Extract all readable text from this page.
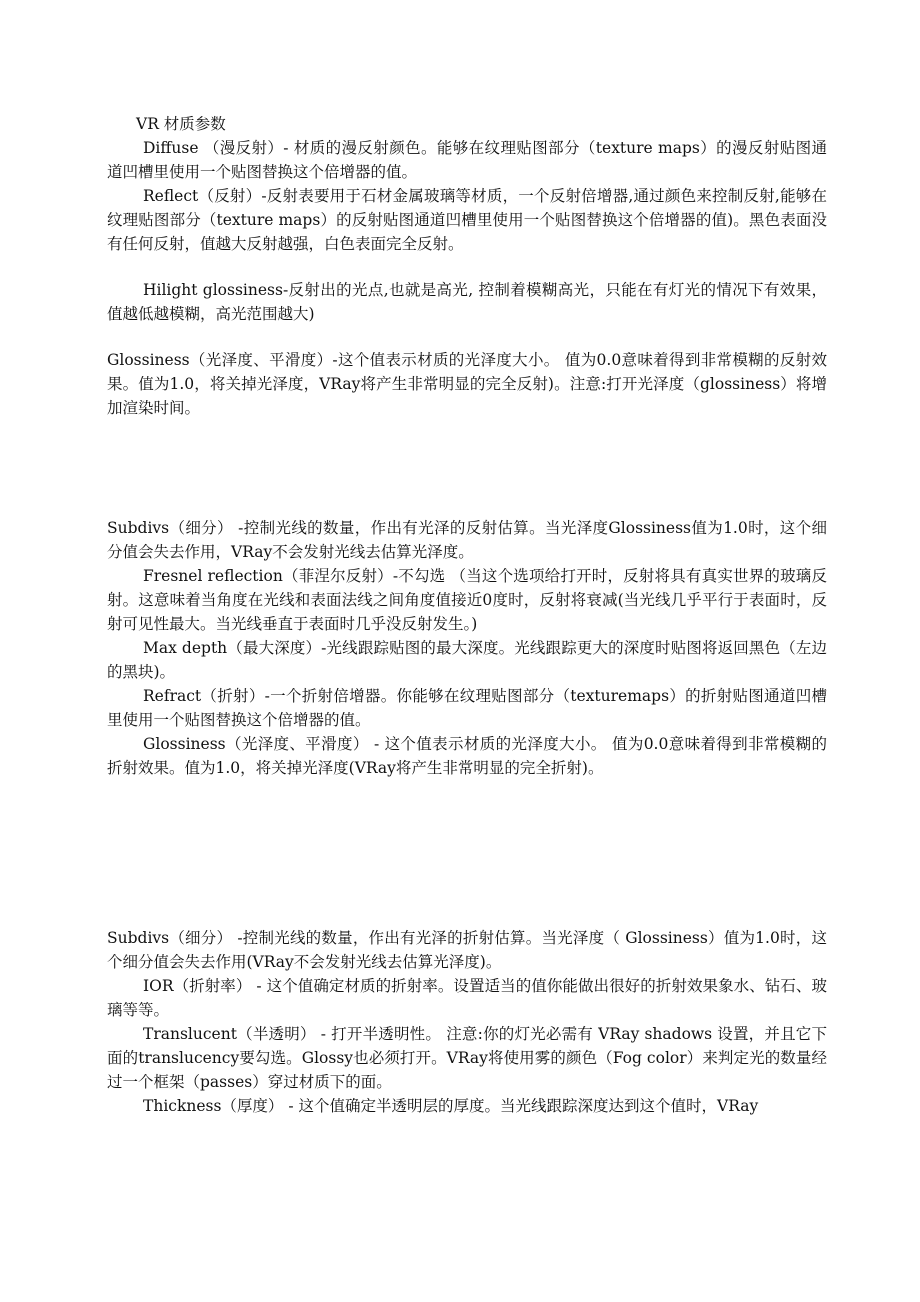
VR 材质参数

Diffuse （漫反射）- 材质的漫反射颜色。能够在纹理贴图部分（texture maps）的漫反射贴图通道凹槽里使用一个贴图替换这个倍增器的值。

Reflect（反射）-反射表要用于石材金属玻璃等材质，一个反射倍增器,通过颜色来控制反射,能够在纹理贴图部分（texture maps）的反射贴图通道凹槽里使用一个贴图替换这个倍增器的值)。黑色表面没有任何反射，值越大反射越强，白色表面完全反射。

Hilight glossiness-反射出的光点,也就是高光, 控制着模糊高光，只能在有灯光的情况下有效果，值越低越模糊，高光范围越大)

Glossiness（光泽度、平滑度）-这个值表示材质的光泽度大小。 值为0.0意味着得到非常模糊的反射效果。值为1.0，将关掉光泽度，VRay将产生非常明显的完全反射)。注意:打开光泽度（glossiness）将增加渲染时间。

Subdivs（细分） -控制光线的数量，作出有光泽的反射估算。当光泽度Glossiness值为1.0时，这个细分值会失去作用，VRay不会发射光线去估算光泽度。

Fresnel reflection（菲涅尔反射）-不勾选 （当这个选项给打开时，反射将具有真实世界的玻璃反射。这意味着当角度在光线和表面法线之间角度值接近0度时，反射将衰减(当光线几乎平行于表面时，反射可见性最大。当光线垂直于表面时几乎没反射发生。)

Max depth（最大深度）-光线跟踪贴图的最大深度。光线跟踪更大的深度时贴图将返回黑色（左边的黑块)。

Refract（折射）-一个折射倍增器。你能够在纹理贴图部分（texturemaps）的折射贴图通道凹槽里使用一个贴图替换这个倍增器的值。

Glossiness（光泽度、平滑度） - 这个值表示材质的光泽度大小。 值为0.0意味着得到非常模糊的折射效果。值为1.0，将关掉光泽度(VRay将产生非常明显的完全折射)。

Subdivs（细分） -控制光线的数量，作出有光泽的折射估算。当光泽度（ Glossiness）值为1.0时，这个细分值会失去作用(VRay不会发射光线去估算光泽度)。

IOR（折射率） - 这个值确定材质的折射率。设置适当的值你能做出很好的折射效果象水、钻石、玻璃等等。

Translucent（半透明） - 打开半透明性。 注意:你的灯光必需有 VRay shadows 设置，并且它下面的translucency要勾选。Glossy也必须打开。VRay将使用雾的颜色（Fog color）来判定光的数量经过一个框架（passes）穿过材质下的面。

Thickness（厚度） - 这个值确定半透明层的厚度。当光线跟踪深度达到这个值时，VRay
